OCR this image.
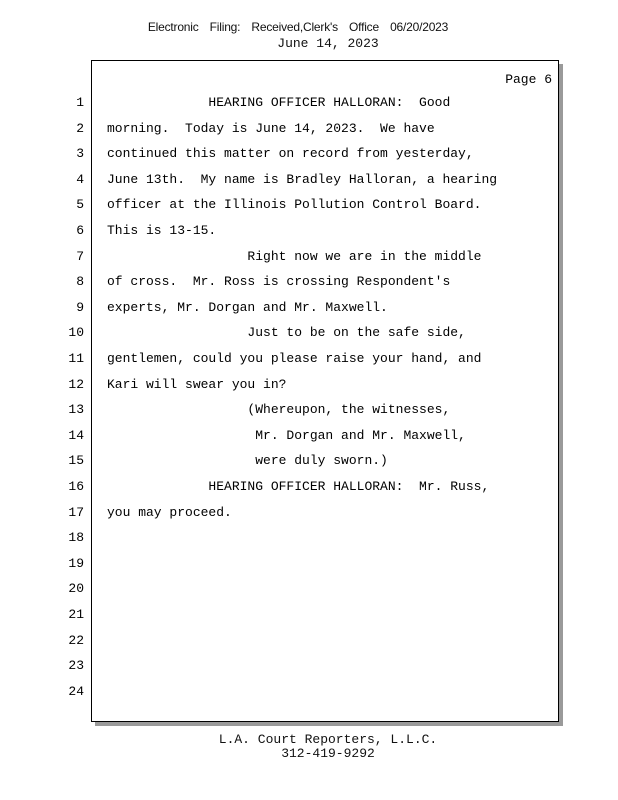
Electronic Filing: Received,Clerk's Office 06/20/2023
June 14, 2023
Page 6
1 HEARING OFFICER HALLORAN:  Good
2 morning.  Today is June 14, 2023.  We have
3 continued this matter on record from yesterday,
4 June 13th.  My name is Bradley Halloran, a hearing
5 officer at the Illinois Pollution Control Board.
6 This is 13-15.
7 Right now we are in the middle
8 of cross.  Mr. Ross is crossing Respondent's
9 experts, Mr. Dorgan and Mr. Maxwell.
10 Just to be on the safe side,
11 gentlemen, could you please raise your hand, and
12 Kari will swear you in?
13 (Whereupon, the witnesses,
14 Mr. Dorgan and Mr. Maxwell,
15 were duly sworn.)
16 HEARING OFFICER HALLORAN:  Mr. Russ,
17 you may proceed.
18
19
20
21
22
23
24
L.A. Court Reporters, L.L.C.
312-419-9292
